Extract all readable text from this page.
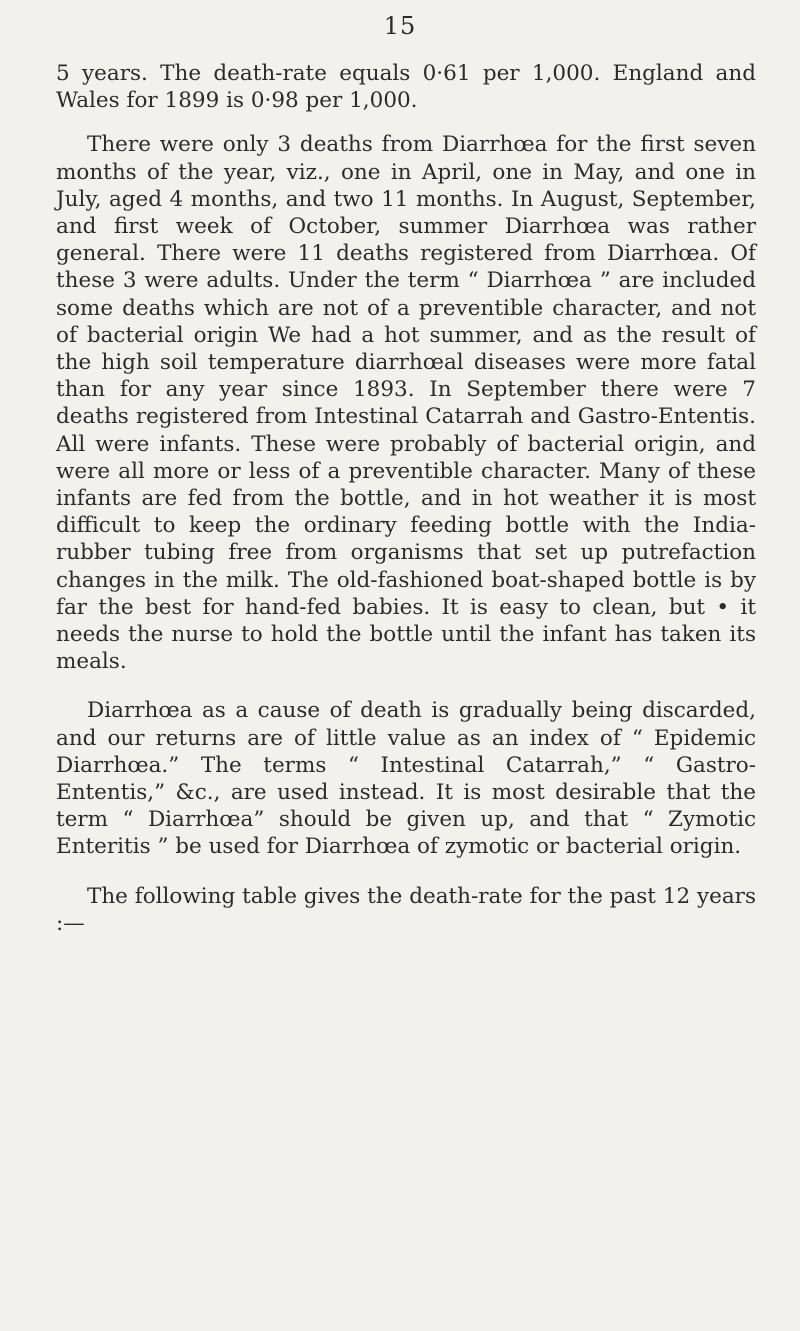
15

5 years. The death-rate equals 0·61 per 1,000. England and Wales for 1899 is 0·98 per 1,000.

There were only 3 deaths from Diarrhœa for the first seven months of the year, viz., one in April, one in May, and one in July, aged 4 months, and two 11 months. In August, September, and first week of October, summer Diarrhœa was rather general. There were 11 deaths registered from Diarrhœa. Of these 3 were adults. Under the term “ Diarrhœa ” are included some deaths which are not of a preventible character, and not of bacterial origin We had a hot summer, and as the result of the high soil temperature diarrhœal diseases were more fatal than for any year since 1893. In September there were 7 deaths registered from Intestinal Catarrah and Gastro-Ententis. All were infants. These were probably of bacterial origin, and were all more or less of a preventible character. Many of these infants are fed from the bottle, and in hot weather it is most difficult to keep the ordinary feeding bottle with the India-rubber tubing free from organisms that set up putrefaction changes in the milk. The old-fashioned boat-shaped bottle is by far the best for hand-fed babies. It is easy to clean, but • it needs the nurse to hold the bottle until the infant has taken its meals.

Diarrhœa as a cause of death is gradually being discarded, and our returns are of little value as an index of “ Epidemic Diarrhœa.” The terms “ Intestinal Catarrah,” “ Gastro-Ententis,” &c., are used instead. It is most desirable that the term “ Diarrhœa” should be given up, and that “ Zymotic Enteritis ” be used for Diarrhœa of zymotic or bacterial origin.

The following table gives the death-rate for the past 12 years :—
